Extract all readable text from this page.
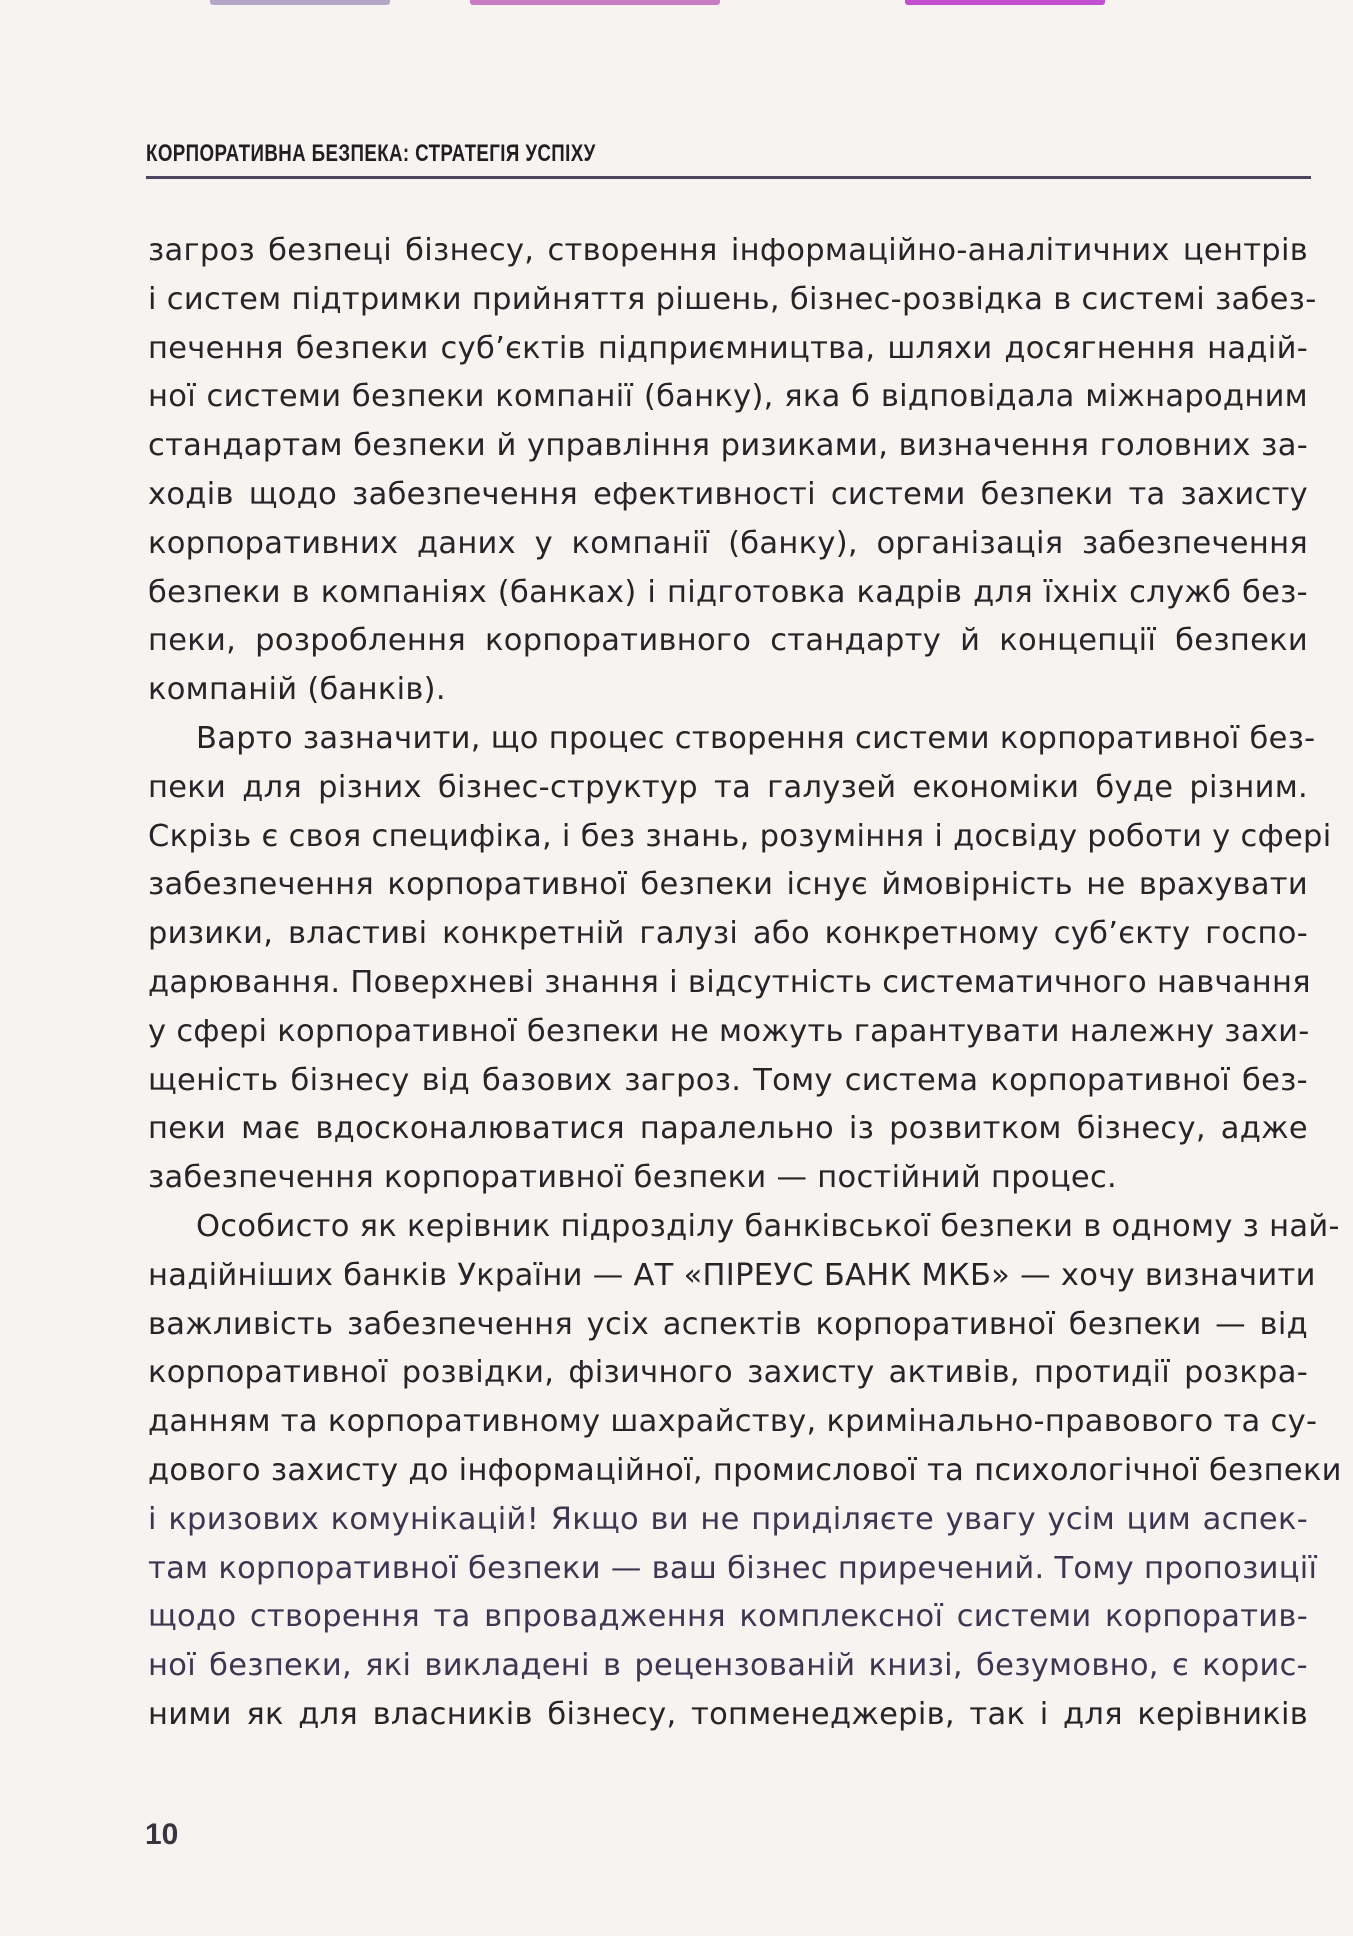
КОРПОРАТИВНА БЕЗПЕКА: СТРАТЕГІЯ УСПІХУ
загроз безпеці бізнесу, створення інформаційно-аналітичних центрів
і систем підтримки прийняття рішень, бізнес-розвідка в системі забез-
печення безпеки суб’єктів підприємництва, шляхи досягнення надій-
ної системи безпеки компанії (банку), яка б відповідала міжнародним
стандартам безпеки й управління ризиками, визначення головних за-
ходів щодо забезпечення ефективності системи безпеки та захисту
корпоративних даних у компанії (банку), організація забезпечення
безпеки в компаніях (банках) і підготовка кадрів для їхніх служб без-
пеки, розроблення корпоративного стандарту й концепції безпеки
компаній (банків).
Варто зазначити, що процес створення системи корпоративної без-
пеки для різних бізнес-структур та галузей економіки буде різним.
Скрізь є своя специфіка, і без знань, розуміння і досвіду роботи у сфері
забезпечення корпоративної безпеки існує ймовірність не врахувати
ризики, властиві конкретній галузі або конкретному суб’єкту госпо-
дарювання. Поверхневі знання і відсутність систематичного навчання
у сфері корпоративної безпеки не можуть гарантувати належну захи-
щеність бізнесу від базових загроз. Тому система корпоративної без-
пеки має вдосконалюватися паралельно із розвитком бізнесу, адже
забезпечення корпоративної безпеки — постійний процес.
Особисто як керівник підрозділу банківської безпеки в одному з най-
надійніших банків України — АТ «ПІРЕУС БАНК МКБ» — хочу визначити
важливість забезпечення усіх аспектів корпоративної безпеки — від
корпоративної розвідки, фізичного захисту активів, протидії розкра-
данням та корпоративному шахрайству, кримінально-правового та су-
дового захисту до інформаційної, промислової та психологічної безпеки
і кризових комунікацій! Якщо ви не приділяєте увагу усім цим аспек-
там корпоративної безпеки — ваш бізнес приречений. Тому пропозиції
щодо створення та впровадження комплексної системи корпоратив-
ної безпеки, які викладені в рецензованій книзі, безумовно, є корис-
ними як для власників бізнесу, топменеджерів, так і для керівників
10
